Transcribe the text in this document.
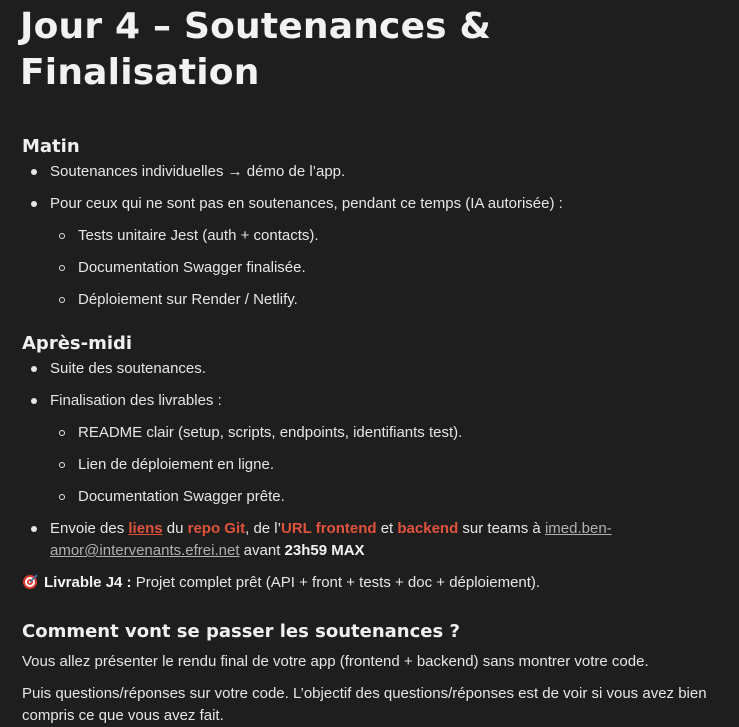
Jour 4 – Soutenances & Finalisation
Matin
Soutenances individuelles → démo de l’app.
Pour ceux qui ne sont pas en soutenances, pendant ce temps (IA autorisée) :
Tests unitaire Jest (auth + contacts).
Documentation Swagger finalisée.
Déploiement sur Render / Netlify.
Après-midi
Suite des soutenances.
Finalisation des livrables :
README clair (setup, scripts, endpoints, identifiants test).
Lien de déploiement en ligne.
Documentation Swagger prête.
Envoie des liens du repo Git, de l’URL frontend et backend sur teams à imed.ben-amor@intervenants.efrei.net avant 23h59 MAX

Livrable J4 : Projet complet prêt (API + front + tests + doc + déploiement).

Comment vont se passer les soutenances ?

Vous allez présenter le rendu final de votre app (frontend + backend) sans montrer votre code.

Puis questions/réponses sur votre code. L’objectif des questions/réponses est de voir si vous avez bien compris ce que vous avez fait.
